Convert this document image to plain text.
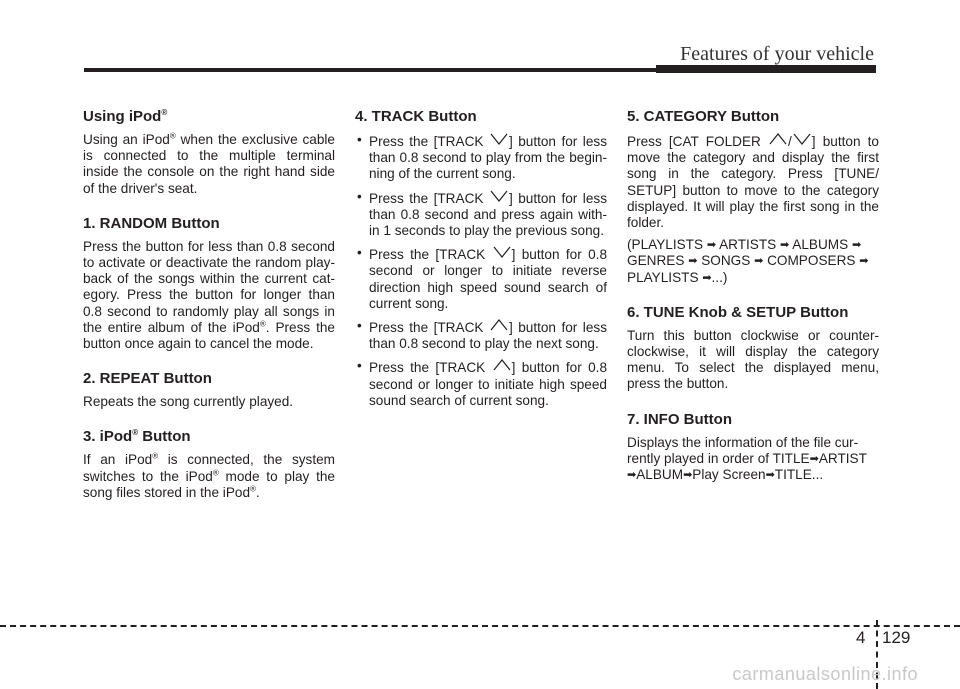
Features of your vehicle
Using iPod®

Using an iPod® when the exclusive cable is connected to the multiple terminal inside the console on the right hand side of the driver's seat.

1. RANDOM Button

Press the button for less than 0.8 second to activate or deactivate the random play-back of the songs within the current cat-egory. Press the button for longer than 0.8 second to randomly play all songs in the entire album of the iPod®. Press the button once again to cancel the mode.

2. REPEAT Button

Repeats the song currently played.

3. iPod® Button

If an iPod® is connected, the system switches to the iPod® mode to play the song files stored in the iPod®.

4. TRACK Button
• Press the [TRACK ] button for less than 0.8 second to play from the begin-ning of the current song.
• Press the [TRACK ] button for less than 0.8 second and press again with-in 1 seconds to play the previous song.
• Press the [TRACK ] button for 0.8 second or longer to initiate reverse direction high speed sound search of current song.
• Press the [TRACK ] button for less than 0.8 second to play the next song.
• Press the [TRACK ] button for 0.8 second or longer to initiate high speed sound search of current song.
5. CATEGORY Button

Press [CAT FOLDER / ] button to move the category and display the first song in the category. Press [TUNE/ SETUP] button to move to the category displayed. It will play the first song in the folder.

(PLAYLISTS ➡ ARTISTS ➡ ALBUMS ➡ GENRES ➡ SONGS ➡ COMPOSERS ➡ PLAYLISTS ➡...)

6. TUNE Knob & SETUP Button

Turn this button clockwise or counter-clockwise, it will display the category menu. To select the displayed menu, press the button.

7. INFO Button

Displays the information of the file cur-rently played in order of TITLE➡ARTIST ➡ALBUM➡Play Screen➡TITLE...

4 129
carmanualsonline.info
